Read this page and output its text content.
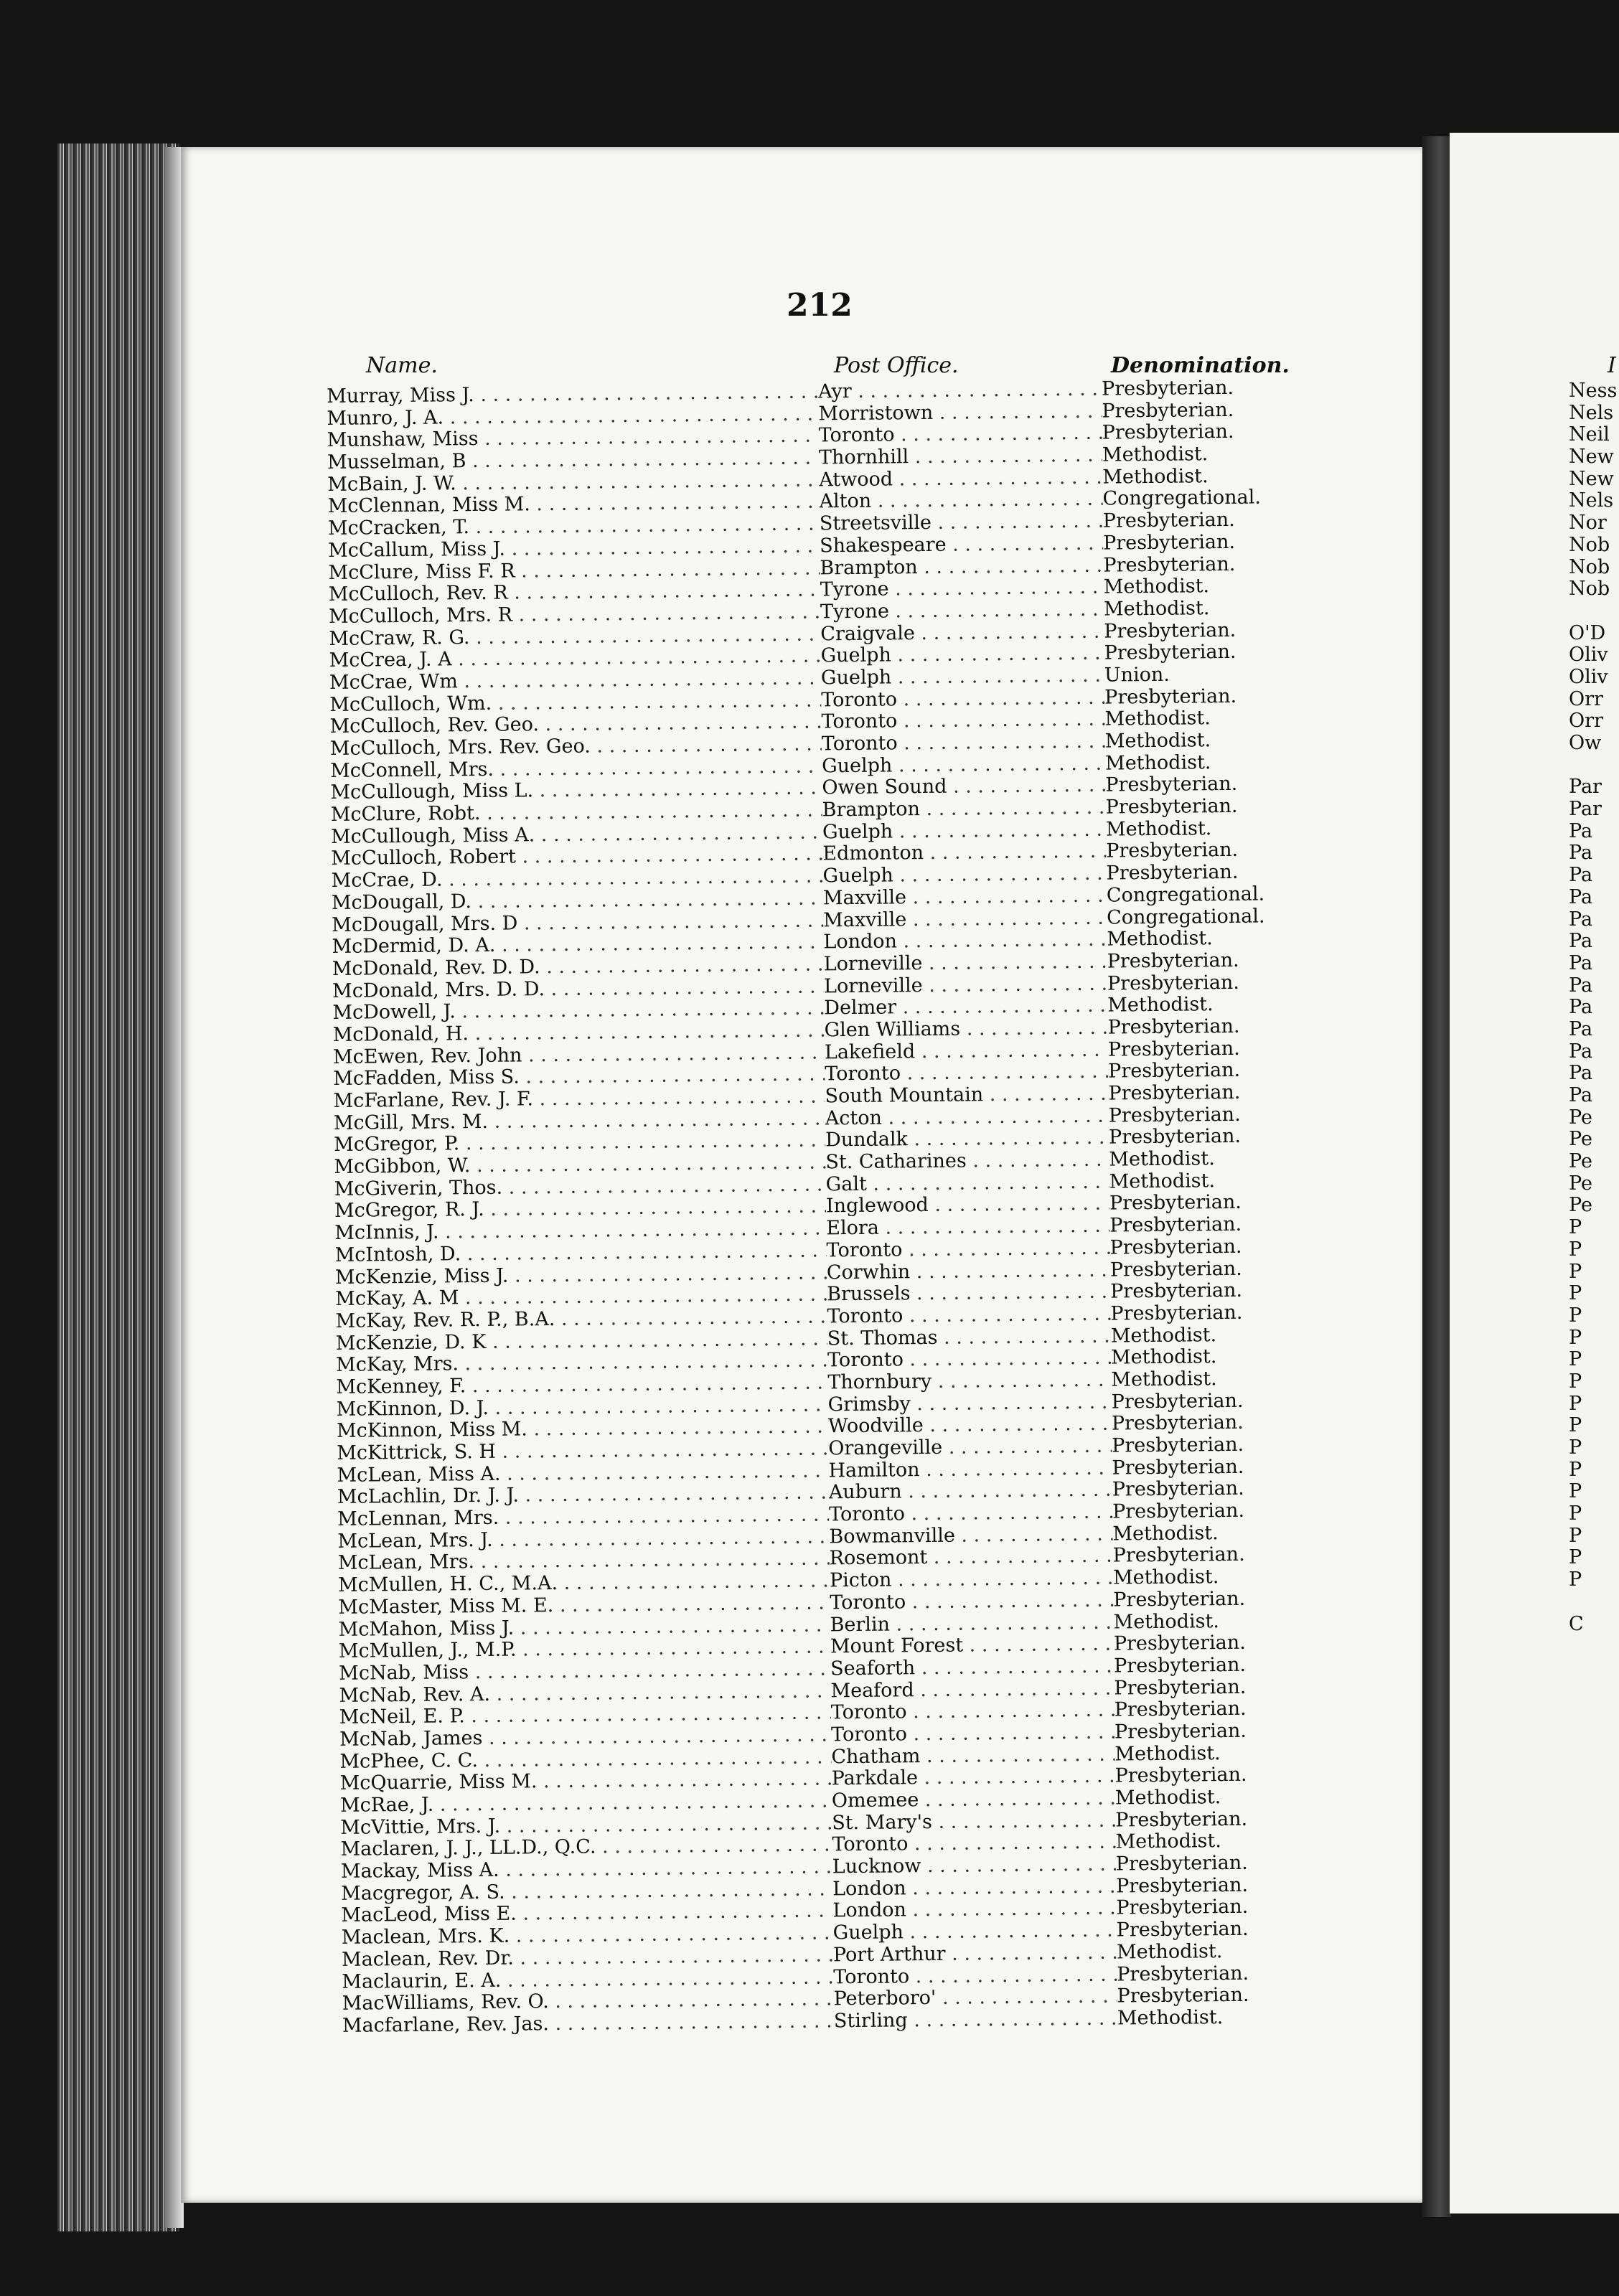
212
Name.	Post Office.	Denomination.
Murray, Miss J. . . .	Ayr . . .	Presbyterian.
Munro, J. A. . . .	Morristown . . .	Presbyterian.
Munshaw, Miss . . .	Toronto . . .	Presbyterian.
Musselman, B . . .	Thornhill . . .	Methodist.
McBain, J. W. . . .	Atwood . . .	Methodist.
McClennan, Miss M. . . .	Alton . . .	Congregational.
McCracken, T. . . .	Streetsville . . .	Presbyterian.
McCallum, Miss J. . . .	Shakespeare . . .	Presbyterian.
McClure, Miss F. R . . .	Brampton . . .	Presbyterian.
McCulloch, Rev. R . . .	Tyrone . . .	Methodist.
McCulloch, Mrs. R . . .	Tyrone . . .	Methodist.
McCraw, R. G. . . .	Craigvale . . .	Presbyterian.
McCrea, J. A . . .	Guelph . . .	Presbyterian.
McCrae, Wm . . .	Guelph . . .	Union.
McCulloch, Wm. . . .	Toronto . . .	Presbyterian.
McCulloch, Rev. Geo. . . .	Toronto . . .	Methodist.
McCulloch, Mrs. Rev. Geo. . . .	Toronto . . .	Methodist.
McConnell, Mrs. . . .	Guelph . . .	Methodist.
McCullough, Miss L. . . .	Owen Sound . . .	Presbyterian.
McClure, Robt. . . .	Brampton . . .	Presbyterian.
McCullough, Miss A. . . .	Guelph . . .	Methodist.
McCulloch, Robert . . .	Edmonton . . .	Presbyterian.
McCrae, D. . . .	Guelph . . .	Presbyterian.
McDougall, D. . . .	Maxville . . .	Congregational.
McDougall, Mrs. D . . .	Maxville . . .	Congregational.
McDermid, D. A. . . .	London . . .	Methodist.
McDonald, Rev. D. D. . . .	Lorneville . . .	Presbyterian.
McDonald, Mrs. D. D. . . .	Lorneville . . .	Presbyterian.
McDowell, J. . . .	Delmer . . .	Methodist.
McDonald, H. . . .	Glen Williams . . .	Presbyterian.
McEwen, Rev. John . . .	Lakefield . . .	Presbyterian.
McFadden, Miss S. . . .	Toronto . . .	Presbyterian.
McFarlane, Rev. J. F. . . .	South Mountain . . .	Presbyterian.
McGill, Mrs. M. . . .	Acton . . .	Presbyterian.
McGregor, P. . . .	Dundalk . . .	Presbyterian.
McGibbon, W. . . .	St. Catharines . . .	Methodist.
McGiverin, Thos. . . .	Galt . . .	Methodist.
McGregor, R. J. . . .	Inglewood . . .	Presbyterian.
McInnis, J. . . .	Elora . . .	Presbyterian.
McIntosh, D. . . .	Toronto . . .	Presbyterian.
McKenzie, Miss J. . . .	Corwhin . . .	Presbyterian.
McKay, A. M . . .	Brussels . . .	Presbyterian.
McKay, Rev. R. P., B.A. . . .	Toronto . . .	Presbyterian.
McKenzie, D. K . . .	St. Thomas . . .	Methodist.
McKay, Mrs. . . .	Toronto . . .	Methodist.
McKenney, F. . . .	Thornbury . . .	Methodist.
McKinnon, D. J. . . .	Grimsby . . .	Presbyterian.
McKinnon, Miss M. . . .	Woodville . . .	Presbyterian.
McKittrick, S. H . . .	Orangeville . . .	Presbyterian.
McLean, Miss A. . . .	Hamilton . . .	Presbyterian.
McLachlin, Dr. J. J. . . .	Auburn . . .	Presbyterian.
McLennan, Mrs. . . .	Toronto . . .	Presbyterian.
McLean, Mrs. J. . . .	Bowmanville . . .	Methodist.
McLean, Mrs. . . .	Rosemont . . .	Presbyterian.
McMullen, H. C., M.A. . . .	Picton . . .	Methodist.
McMaster, Miss M. E. . . .	Toronto . . .	Presbyterian.
McMahon, Miss J. . . .	Berlin . . .	Methodist.
McMullen, J., M.P. . . .	Mount Forest . . .	Presbyterian.
McNab, Miss . . .	Seaforth . . .	Presbyterian.
McNab, Rev. A. . . .	Meaford . . .	Presbyterian.
McNeil, E. P. . . .	Toronto . . .	Presbyterian.
McNab, James . . .	Toronto . . .	Presbyterian.
McPhee, C. C. . . .	Chatham . . .	Methodist.
McQuarrie, Miss M. . . .	Parkdale . . .	Presbyterian.
McRae, J. . . .	Omemee . . .	Methodist.
McVittie, Mrs. J. . . .	St. Mary's . . .	Presbyterian.
Maclaren, J. J., LL.D., Q.C. . . .	Toronto . . .	Methodist.
Mackay, Miss A. . . .	Lucknow . . .	Presbyterian.
Macgregor, A. S. . . .	London . . .	Presbyterian.
MacLeod, Miss E. . . .	London . . .	Presbyterian.
Maclean, Mrs. K. . . .	Guelph . . .	Presbyterian.
Maclean, Rev. Dr. . . .	Port Arthur . . .	Methodist.
Maclaurin, E. A. . . .	Toronto . . .	Presbyterian.
MacWilliams, Rev. O. . . .	Peterboro' . . .	Presbyterian.
Macfarlane, Rev. Jas. . . .	Stirling . . .	Methodist.
I
Ness
Nels
Neil
New
New
Nels
Nor
Nob
Nob
Nob
O'D
Oliv
Oliv
Orr
Orr
Ow
Par
Par
Pa
Pa
Pa
Pa
Pa
Pa
Pa
Pa
Pa
Pa
Pa
Pa
Pa
Pe
Pe
Pe
Pe
Pe
P
P
P
P
P
P
P
P
P
P
P
P
P
P
P
P
P
C
